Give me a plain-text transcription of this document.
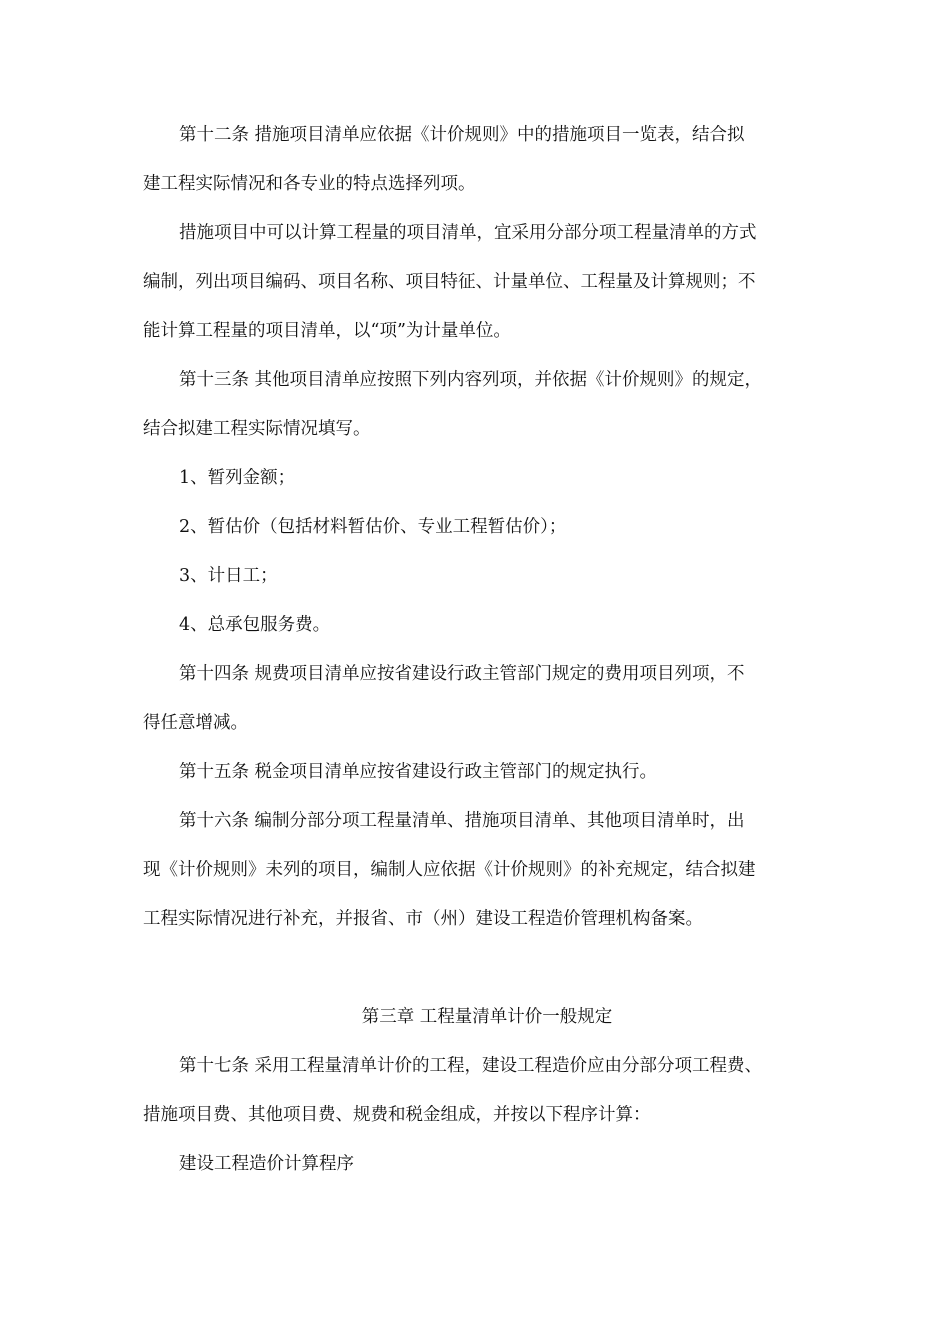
第十二条 措施项目清单应依据《计价规则》中的措施项目一览表，结合拟

建工程实际情况和各专业的特点选择列项。

措施项目中可以计算工程量的项目清单，宜采用分部分项工程量清单的方式

编制，列出项目编码、项目名称、项目特征、计量单位、工程量及计算规则；不

能计算工程量的项目清单，以“项”为计量单位。

第十三条 其他项目清单应按照下列内容列项，并依据《计价规则》的规定，

结合拟建工程实际情况填写。

1、暂列金额；

2、暂估价（包括材料暂估价、专业工程暂估价）；

3、计日工；

4、总承包服务费。

第十四条 规费项目清单应按省建设行政主管部门规定的费用项目列项，不

得任意增减。

第十五条 税金项目清单应按省建设行政主管部门的规定执行。

第十六条 编制分部分项工程量清单、措施项目清单、其他项目清单时，出

现《计价规则》未列的项目，编制人应依据《计价规则》的补充规定，结合拟建

工程实际情况进行补充，并报省、市（州）建设工程造价管理机构备案。

第三章 工程量清单计价一般规定

第十七条 采用工程量清单计价的工程，建设工程造价应由分部分项工程费、

措施项目费、其他项目费、规费和税金组成，并按以下程序计算：

建设工程造价计算程序
